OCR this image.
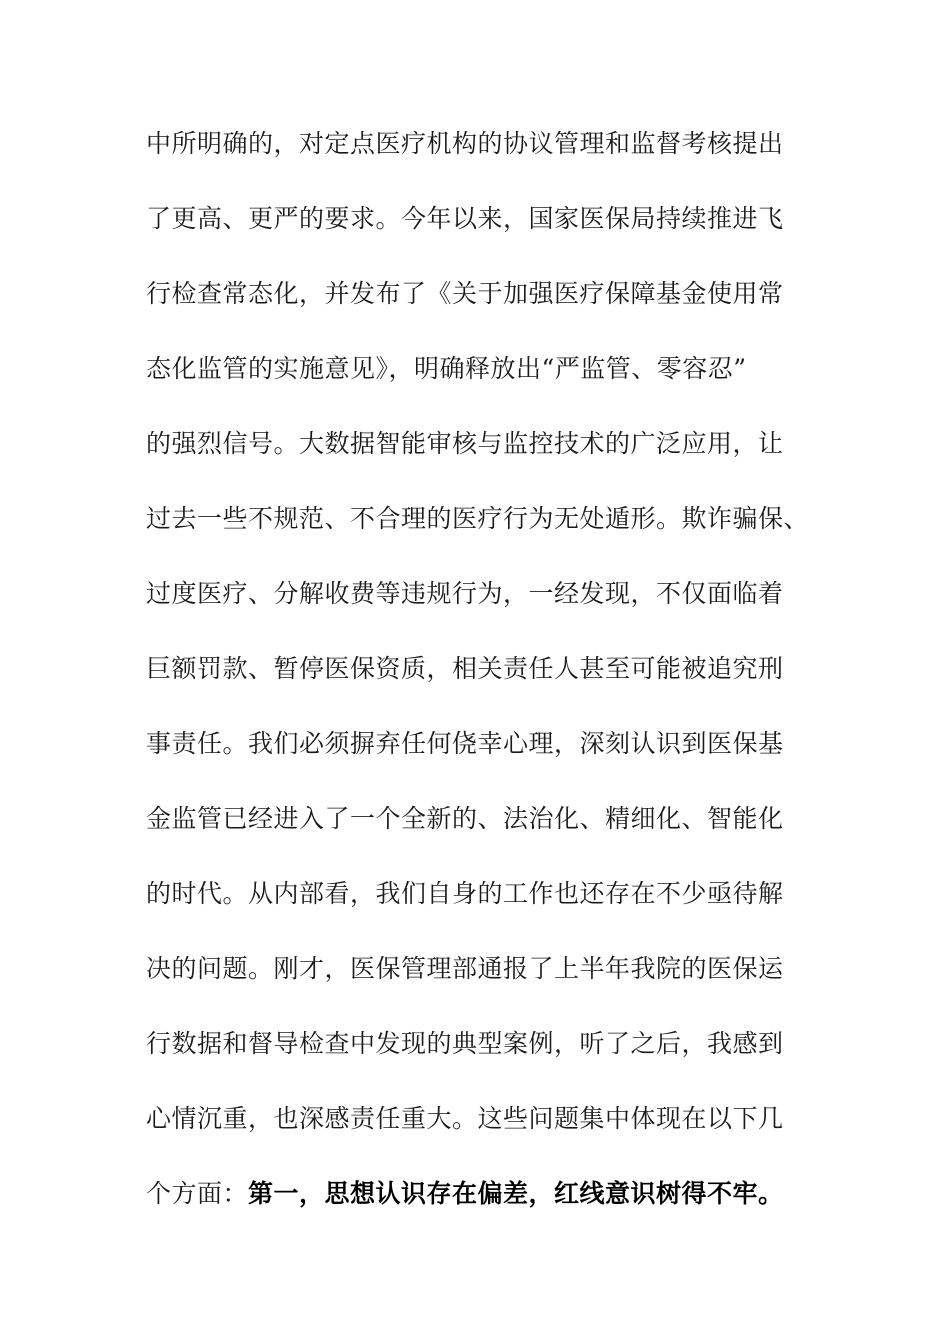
中所明确的，对定点医疗机构的协议管理和监督考核提出
了更高、更严的要求。今年以来，国家医保局持续推进飞
行检查常态化，并发布了《关于加强医疗保障基金使用常
态化监管的实施意见》，明确释放出“严监管、零容忍”
的强烈信号。大数据智能审核与监控技术的广泛应用，让
过去一些不规范、不合理的医疗行为无处遁形。欺诈骗保、
过度医疗、分解收费等违规行为，一经发现，不仅面临着
巨额罚款、暂停医保资质，相关责任人甚至可能被追究刑
事责任。我们必须摒弃任何侥幸心理，深刻认识到医保基
金监管已经进入了一个全新的、法治化、精细化、智能化
的时代。从内部看，我们自身的工作也还存在不少亟待解
决的问题。刚才，医保管理部通报了上半年我院的医保运
行数据和督导检查中发现的典型案例，听了之后，我感到
心情沉重，也深感责任重大。这些问题集中体现在以下几
个方面：第一，思想认识存在偏差，红线意识树得不牢。
